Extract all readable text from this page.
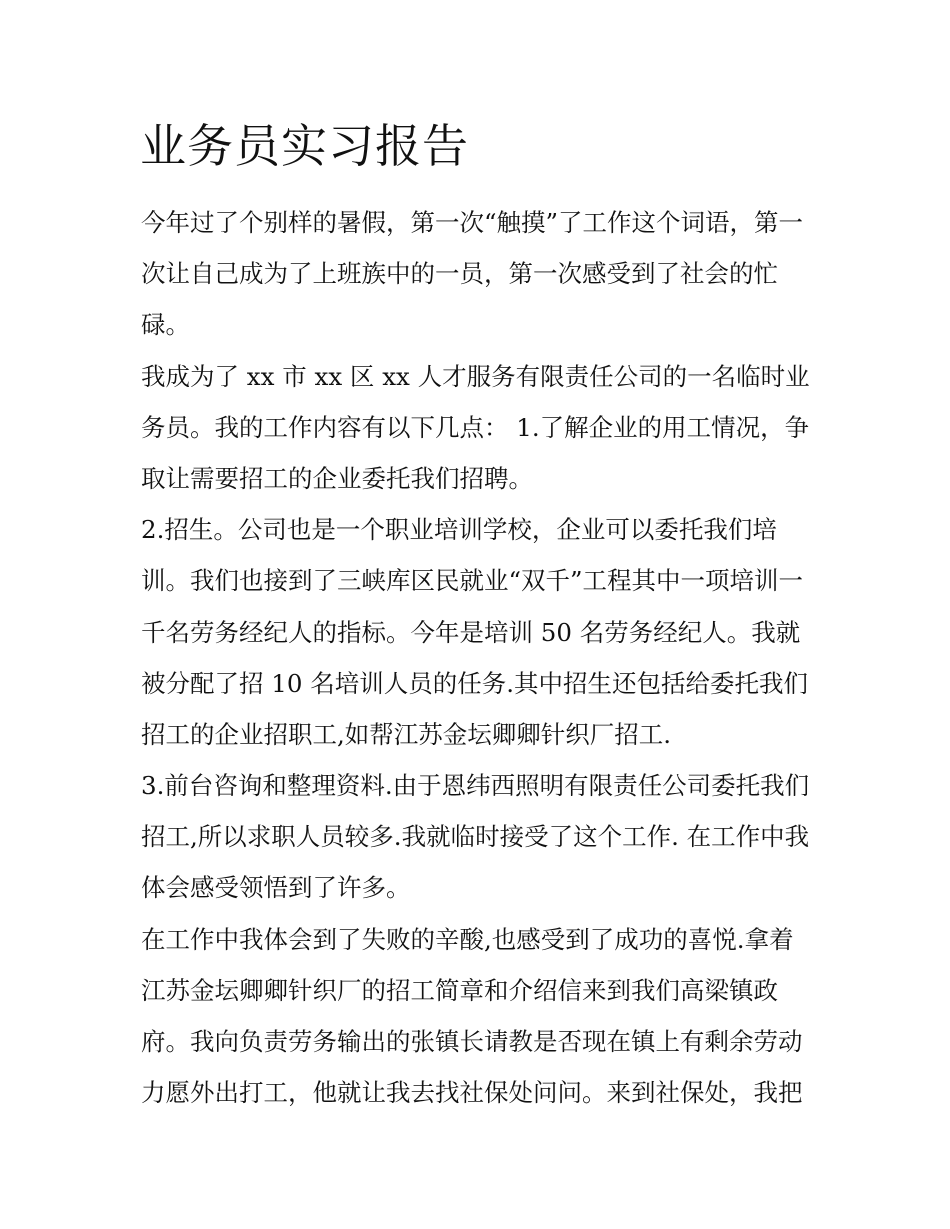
业务员实习报告
今年过了个别样的暑假，第一次“触摸”了工作这个词语，第一
次让自己成为了上班族中的一员，第一次感受到了社会的忙
碌。
我成为了 xx 市 xx 区 xx 人才服务有限责任公司的一名临时业
务员。我的工作内容有以下几点： 1.了解企业的用工情况，争
取让需要招工的企业委托我们招聘。
2.招生。公司也是一个职业培训学校，企业可以委托我们培
训。我们也接到了三峡库区民就业“双千”工程其中一项培训一
千名劳务经纪人的指标。今年是培训 50 名劳务经纪人。我就
被分配了招 10 名培训人员的任务.其中招生还包括给委托我们
招工的企业招职工,如帮江苏金坛卿卿针织厂招工.
3.前台咨询和整理资料.由于恩纬西照明有限责任公司委托我们
招工,所以求职人员较多.我就临时接受了这个工作. 在工作中我
体会感受领悟到了许多。
在工作中我体会到了失败的辛酸,也感受到了成功的喜悦.拿着
江苏金坛卿卿针织厂的招工简章和介绍信来到我们高梁镇政
府。我向负责劳务输出的张镇长请教是否现在镇上有剩余劳动
力愿外出打工，他就让我去找社保处问问。来到社保处，我把
